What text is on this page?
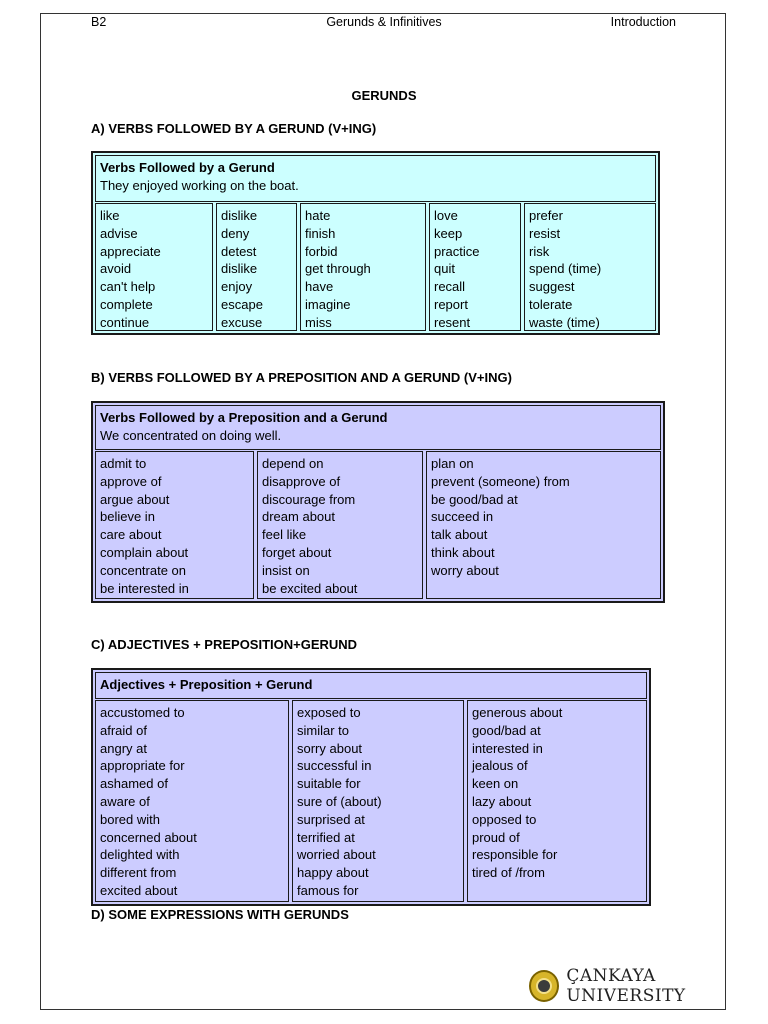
B2	Gerunds & Infinitives	Introduction
GERUNDS
A) VERBS FOLLOWED BY A GERUND (V+ING)
Verbs Followed by a Gerund
They enjoyed working on the boat.
like
advise
appreciate
avoid
can't help
complete
continue
dislike
deny
detest
dislike
enjoy
escape
excuse
hate
finish
forbid
get through
have
imagine
miss
love
keep
practice
quit
recall
report
resent
prefer
resist
risk
spend (time)
suggest
tolerate
waste (time)
B) VERBS FOLLOWED BY A PREPOSITION AND A GERUND (V+ING)
Verbs Followed by a Preposition and a Gerund
We concentrated on doing well.
admit to
approve of
argue about
believe in
care about
complain about
concentrate on
be interested in
depend on
disapprove of
discourage from
dream about
feel like
forget about
insist on
be excited about
plan on
prevent (someone) from
be good/bad at
succeed in
talk about
think about
worry about
C) ADJECTIVES + PREPOSITION+GERUND
Adjectives + Preposition + Gerund
accustomed to
afraid of
angry at
appropriate for
ashamed of
aware of
bored with
concerned about
delighted with
different from
excited about
exposed to
similar to
sorry about
successful in
suitable for
sure of (about)
surprised at
terrified at
worried about
happy about
famous for
generous about
good/bad at
interested in
jealous of
keen on
lazy about
opposed to
proud of
responsible for
tired of /from
D) SOME EXPRESSIONS WITH GERUNDS
ÇANKAYA UNIVERSITY
